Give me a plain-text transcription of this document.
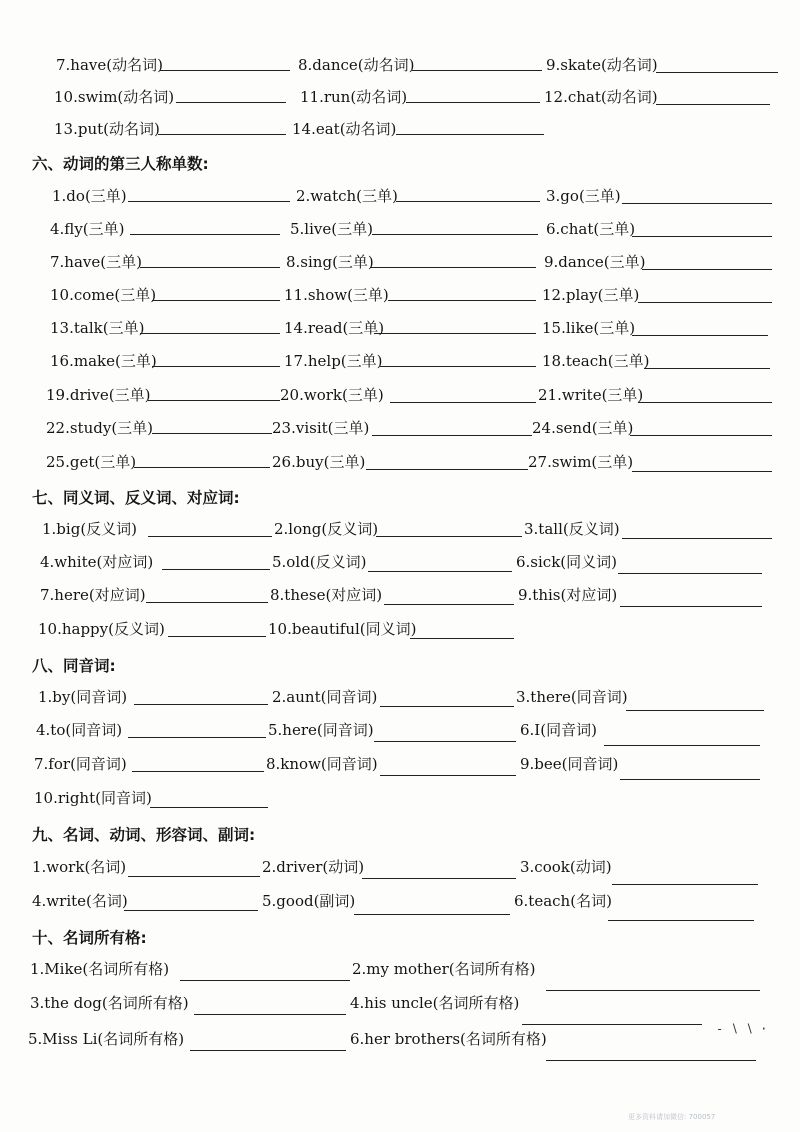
7.have(动名词)	8.dance(动名词)	9.skate(动名词)
10.swim(动名词)	11.run(动名词)	12.chat(动名词)
13.put(动名词)	14.eat(动名词)
六、动词的第三人称单数:
1.do(三单)	2.watch(三单)	3.go(三单)
4.fly(三单)	5.live(三单)	6.chat(三单)
7.have(三单)	8.sing(三单)	9.dance(三单)
10.come(三单)	11.show(三单)	12.play(三单)
13.talk(三单)	14.read(三单)	15.like(三单)
16.make(三单)	17.help(三单)	18.teach(三单)
19.drive(三单)	20.work(三单)	21.write(三单)
22.study(三单)	23.visit(三单)	24.send(三单)
25.get(三单)	26.buy(三单)	27.swim(三单)
七、同义词、反义词、对应词:
1.big(反义词)	2.long(反义词)	3.tall(反义词)
4.white(对应词)	5.old(反义词)	6.sick(同义词)
7.here(对应词)	8.these(对应词)	9.this(对应词)
10.happy(反义词)	10.beautiful(同义词)
八、同音词:
1.by(同音词)	2.aunt(同音词)	3.there(同音词)
4.to(同音词)	5.here(同音词)	6.I(同音词)
7.for(同音词)	8.know(同音词)	9.bee(同音词)
10.right(同音词)
九、名词、动词、形容词、副词:
1.work(名词)	2.driver(动词)	3.cook(动词)
4.write(名词)	5.good(副词)	6.teach(名词)
十、名词所有格:
1.Mike(名词所有格)	2.my mother(名词所有格)
3.the dog(名词所有格)	4.his uncle(名词所有格)
5.Miss Li(名词所有格)	6.her brothers(名词所有格)
- ∖ ∖ ·
更多资料请加微信: 700057
